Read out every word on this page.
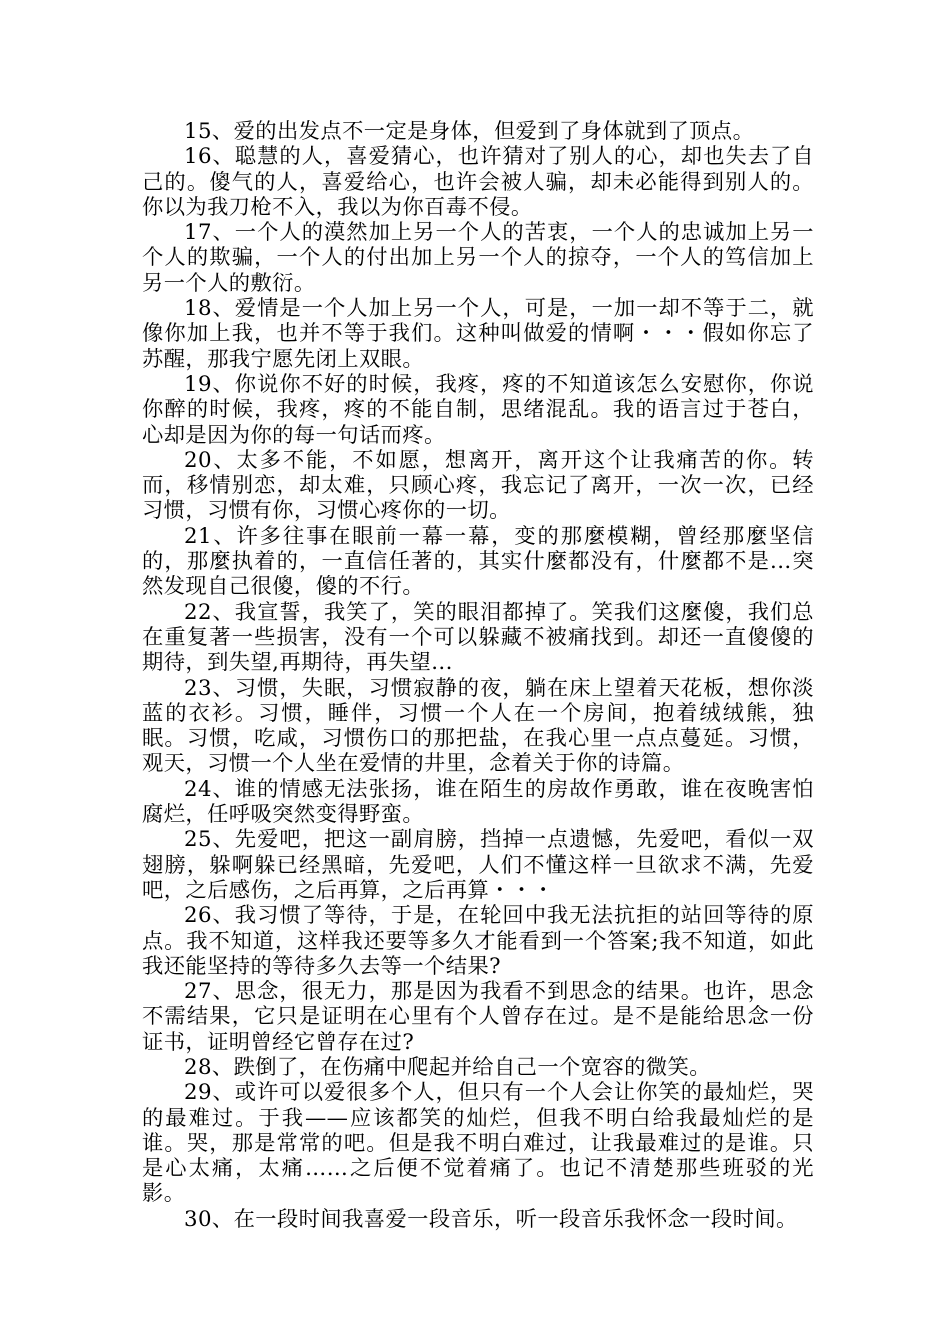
15、爱的出发点不一定是身体，但爱到了身体就到了顶点。

16、聪慧的人，喜爱猜心，也许猜对了别人的心，却也失去了自己的。傻气的人，喜爱给心，也许会被人骗，却未必能得到别人的。你以为我刀枪不入，我以为你百毒不侵。

17、一个人的漠然加上另一个人的苦衷，一个人的忠诚加上另一个人的欺骗，一个人的付出加上另一个人的掠夺，一个人的笃信加上另一个人的敷衍。

18、爱情是一个人加上另一个人，可是，一加一却不等于二，就像你加上我，也并不等于我们。这种叫做爱的情啊・・・假如你忘了苏醒，那我宁愿先闭上双眼。

19、你说你不好的时候，我疼，疼的不知道该怎么安慰你，你说你醉的时候，我疼，疼的不能自制，思绪混乱。我的语言过于苍白，心却是因为你的每一句话而疼。

20、太多不能，不如愿，想离开，离开这个让我痛苦的你。转而，移情别恋，却太难，只顾心疼，我忘记了离开，一次一次，已经习惯，习惯有你，习惯心疼你的一切。

21、许多往事在眼前一幕一幕，变的那麼模糊，曾经那麼坚信的，那麼执着的，一直信任著的，其实什麼都没有，什麼都不是...突然发现自己很傻，傻的不行。

22、我宣誓，我笑了，笑的眼泪都掉了。笑我们这麼傻，我们总在重复著一些损害，没有一个可以躲藏不被痛找到。却还一直傻傻的期待，到失望,再期待，再失望...

23、习惯，失眠，习惯寂静的夜，躺在床上望着天花板，想你淡蓝的衣衫。习惯，睡伴，习惯一个人在一个房间，抱着绒绒熊，独眠。习惯，吃咸，习惯伤口的那把盐，在我心里一点点蔓延。习惯，观天，习惯一个人坐在爱情的井里，念着关于你的诗篇。

24、谁的情感无法张扬，谁在陌生的房故作勇敢，谁在夜晚害怕腐烂，任呼吸突然变得野蛮。

25、先爱吧，把这一副肩膀，挡掉一点遗憾，先爱吧，看似一双翅膀，躲啊躲已经黑暗，先爱吧，人们不懂这样一旦欲求不满，先爱吧，之后感伤，之后再算，之后再算・・・

26、我习惯了等待，于是，在轮回中我无法抗拒的站回等待的原点。我不知道，这样我还要等多久才能看到一个答案;我不知道，如此我还能坚持的等待多久去等一个结果?

27、思念，很无力，那是因为我看不到思念的结果。也许，思念不需结果，它只是证明在心里有个人曾存在过。是不是能给思念一份证书，证明曾经它曾存在过?

28、跌倒了，在伤痛中爬起并给自己一个宽容的微笑。

29、或许可以爱很多个人，但只有一个人会让你笑的最灿烂，哭的最难过。于我——应该都笑的灿烂，但我不明白给我最灿烂的是谁。哭，那是常常的吧。但是我不明白难过，让我最难过的是谁。只是心太痛，太痛……之后便不觉着痛了。也记不清楚那些班驳的光影。

30、在一段时间我喜爱一段音乐，听一段音乐我怀念一段时间。
